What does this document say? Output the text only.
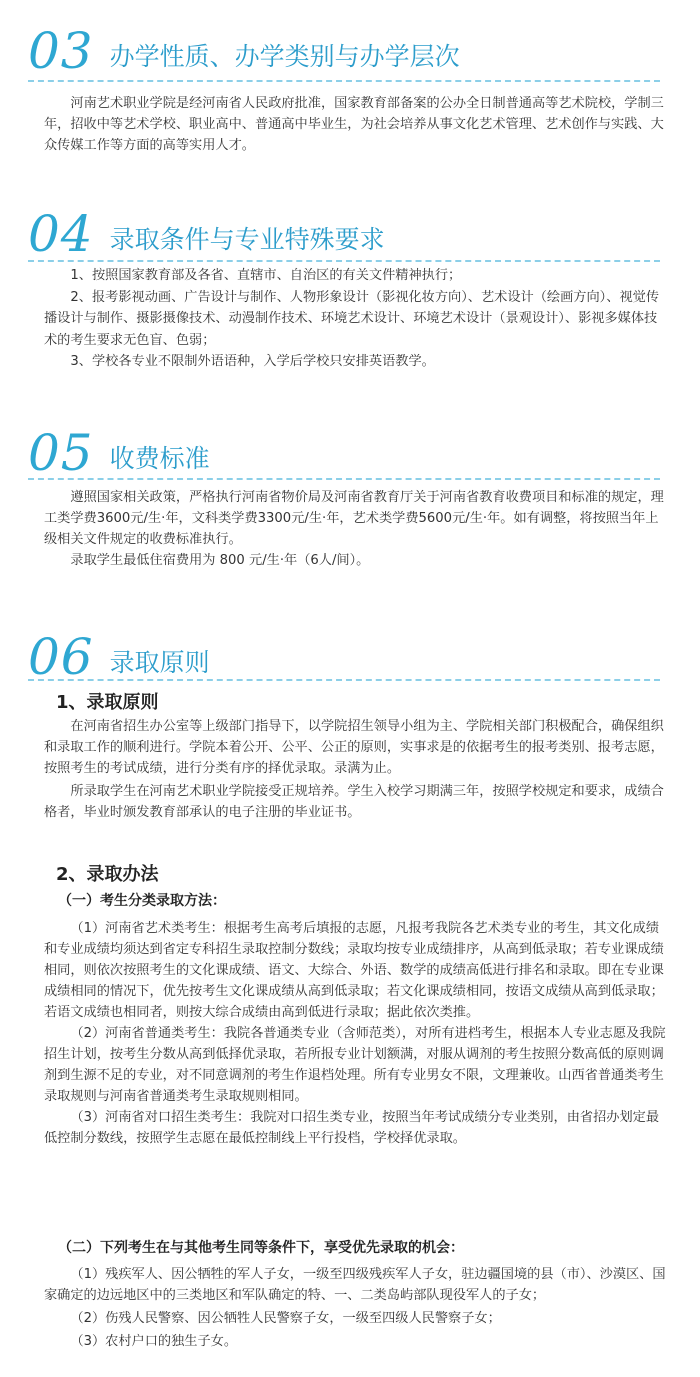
03 办学性质、办学类别与办学层次

河南艺术职业学院是经河南省人民政府批准，国家教育部备案的公办全日制普通高等艺术院校，学制三年，招收中等艺术学校、职业高中、普通高中毕业生，为社会培养从事文化艺术管理、艺术创作与实践、大众传媒工作等方面的高等实用人才。

04 录取条件与专业特殊要求

1、按照国家教育部及各省、直辖市、自治区的有关文件精神执行；

2、报考影视动画、广告设计与制作、人物形象设计（影视化妆方向）、艺术设计（绘画方向）、视觉传播设计与制作、摄影摄像技术、动漫制作技术、环境艺术设计、环境艺术设计（景观设计）、影视多媒体技术的考生要求无色盲、色弱；

3、学校各专业不限制外语语种，入学后学校只安排英语教学。

05 收费标准

遵照国家相关政策，严格执行河南省物价局及河南省教育厅关于河南省教育收费项目和标准的规定，理工类学费3600元/生·年，文科类学费3300元/生·年，艺术类学费5600元/生·年。如有调整，将按照当年上级相关文件规定的收费标准执行。

录取学生最低住宿费用为 800 元/生·年（6人/间）。

06 录取原则
1、录取原则

在河南省招生办公室等上级部门指导下，以学院招生领导小组为主、学院相关部门积极配合，确保组织和录取工作的顺利进行。学院本着公开、公平、公正的原则，实事求是的依据考生的报考类别、报考志愿，按照考生的考试成绩，进行分类有序的择优录取。录满为止。

所录取学生在河南艺术职业学院接受正规培养。学生入校学习期满三年，按照学校规定和要求，成绩合格者，毕业时颁发教育部承认的电子注册的毕业证书。

2、录取办法
（一）考生分类录取方法：

（1）河南省艺术类考生：根据考生高考后填报的志愿，凡报考我院各艺术类专业的考生，其文化成绩和专业成绩均须达到省定专科招生录取控制分数线；录取均按专业成绩排序，从高到低录取；若专业课成绩相同，则依次按照考生的文化课成绩、语文、大综合、外语、数学的成绩高低进行排名和录取。即在专业课成绩相同的情况下，优先按考生文化课成绩从高到低录取；若文化课成绩相同，按语文成绩从高到低录取；若语文成绩也相同者，则按大综合成绩由高到低进行录取；据此依次类推。

（2）河南省普通类考生：我院各普通类专业（含师范类），对所有进档考生，根据本人专业志愿及我院招生计划，按考生分数从高到低择优录取，若所报专业计划额满，对服从调剂的考生按照分数高低的原则调剂到生源不足的专业，对不同意调剂的考生作退档处理。所有专业男女不限，文理兼收。山西省普通类考生录取规则与河南省普通类考生录取规则相同。

（3）河南省对口招生类考生：我院对口招生类专业，按照当年考试成绩分专业类别，由省招办划定最低控制分数线，按照学生志愿在最低控制线上平行投档，学校择优录取。

（二）下列考生在与其他考生同等条件下，享受优先录取的机会：

（1）残疾军人、因公牺牲的军人子女，一级至四级残疾军人子女，驻边疆国境的县（市）、沙漠区、国家确定的边远地区中的三类地区和军队确定的特、一、二类岛屿部队现役军人的子女；

（2）伤残人民警察、因公牺牲人民警察子女，一级至四级人民警察子女；

（3）农村户口的独生子女。
